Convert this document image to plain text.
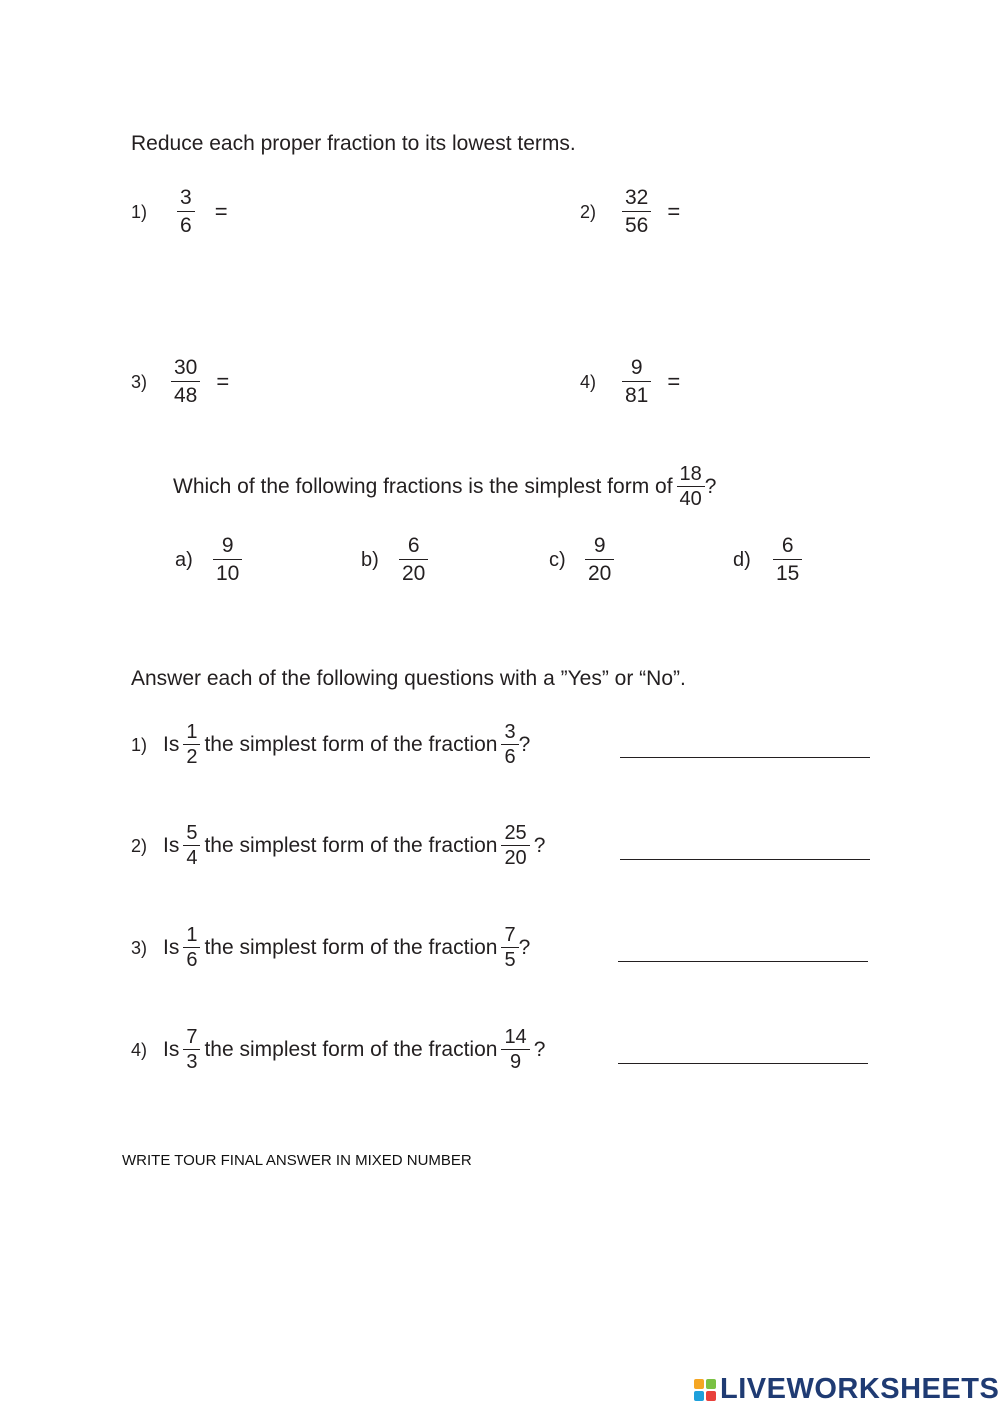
Reduce each proper fraction to its lowest terms.
1)	$\frac{3}{6}$ =	2)	$\frac{32}{56}$ =
3)	$\frac{30}{48}$ =	4)	$\frac{9}{81}$ =
Which of the following fractions is the simplest form of $\frac{18}{40}$ ?
$a) \frac{9}{10}$	$b) \frac{6}{20}$	$c) \frac{9}{20}$	d)	$\frac{6}{15}$
Answer each of the following questions with a ”Yes” or “No”.
1) Is $\frac{1}{2}$ the simplest form of the fraction $\frac{3}{6}$ ?
2) Is $\frac{5}{4}$ the simplest form of the fraction $\frac{25}{20}$ ?
3) Is $\frac{1}{6}$ the simplest form of the fraction $\frac{7}{5}$ ?
4) Is $\frac{7}{3}$ the simplest form of the fraction $\frac{14}{9}$ ?
WRITE TOUR FINAL ANSWER IN MIXED NUMBER
LIVEWORKSHEETS
